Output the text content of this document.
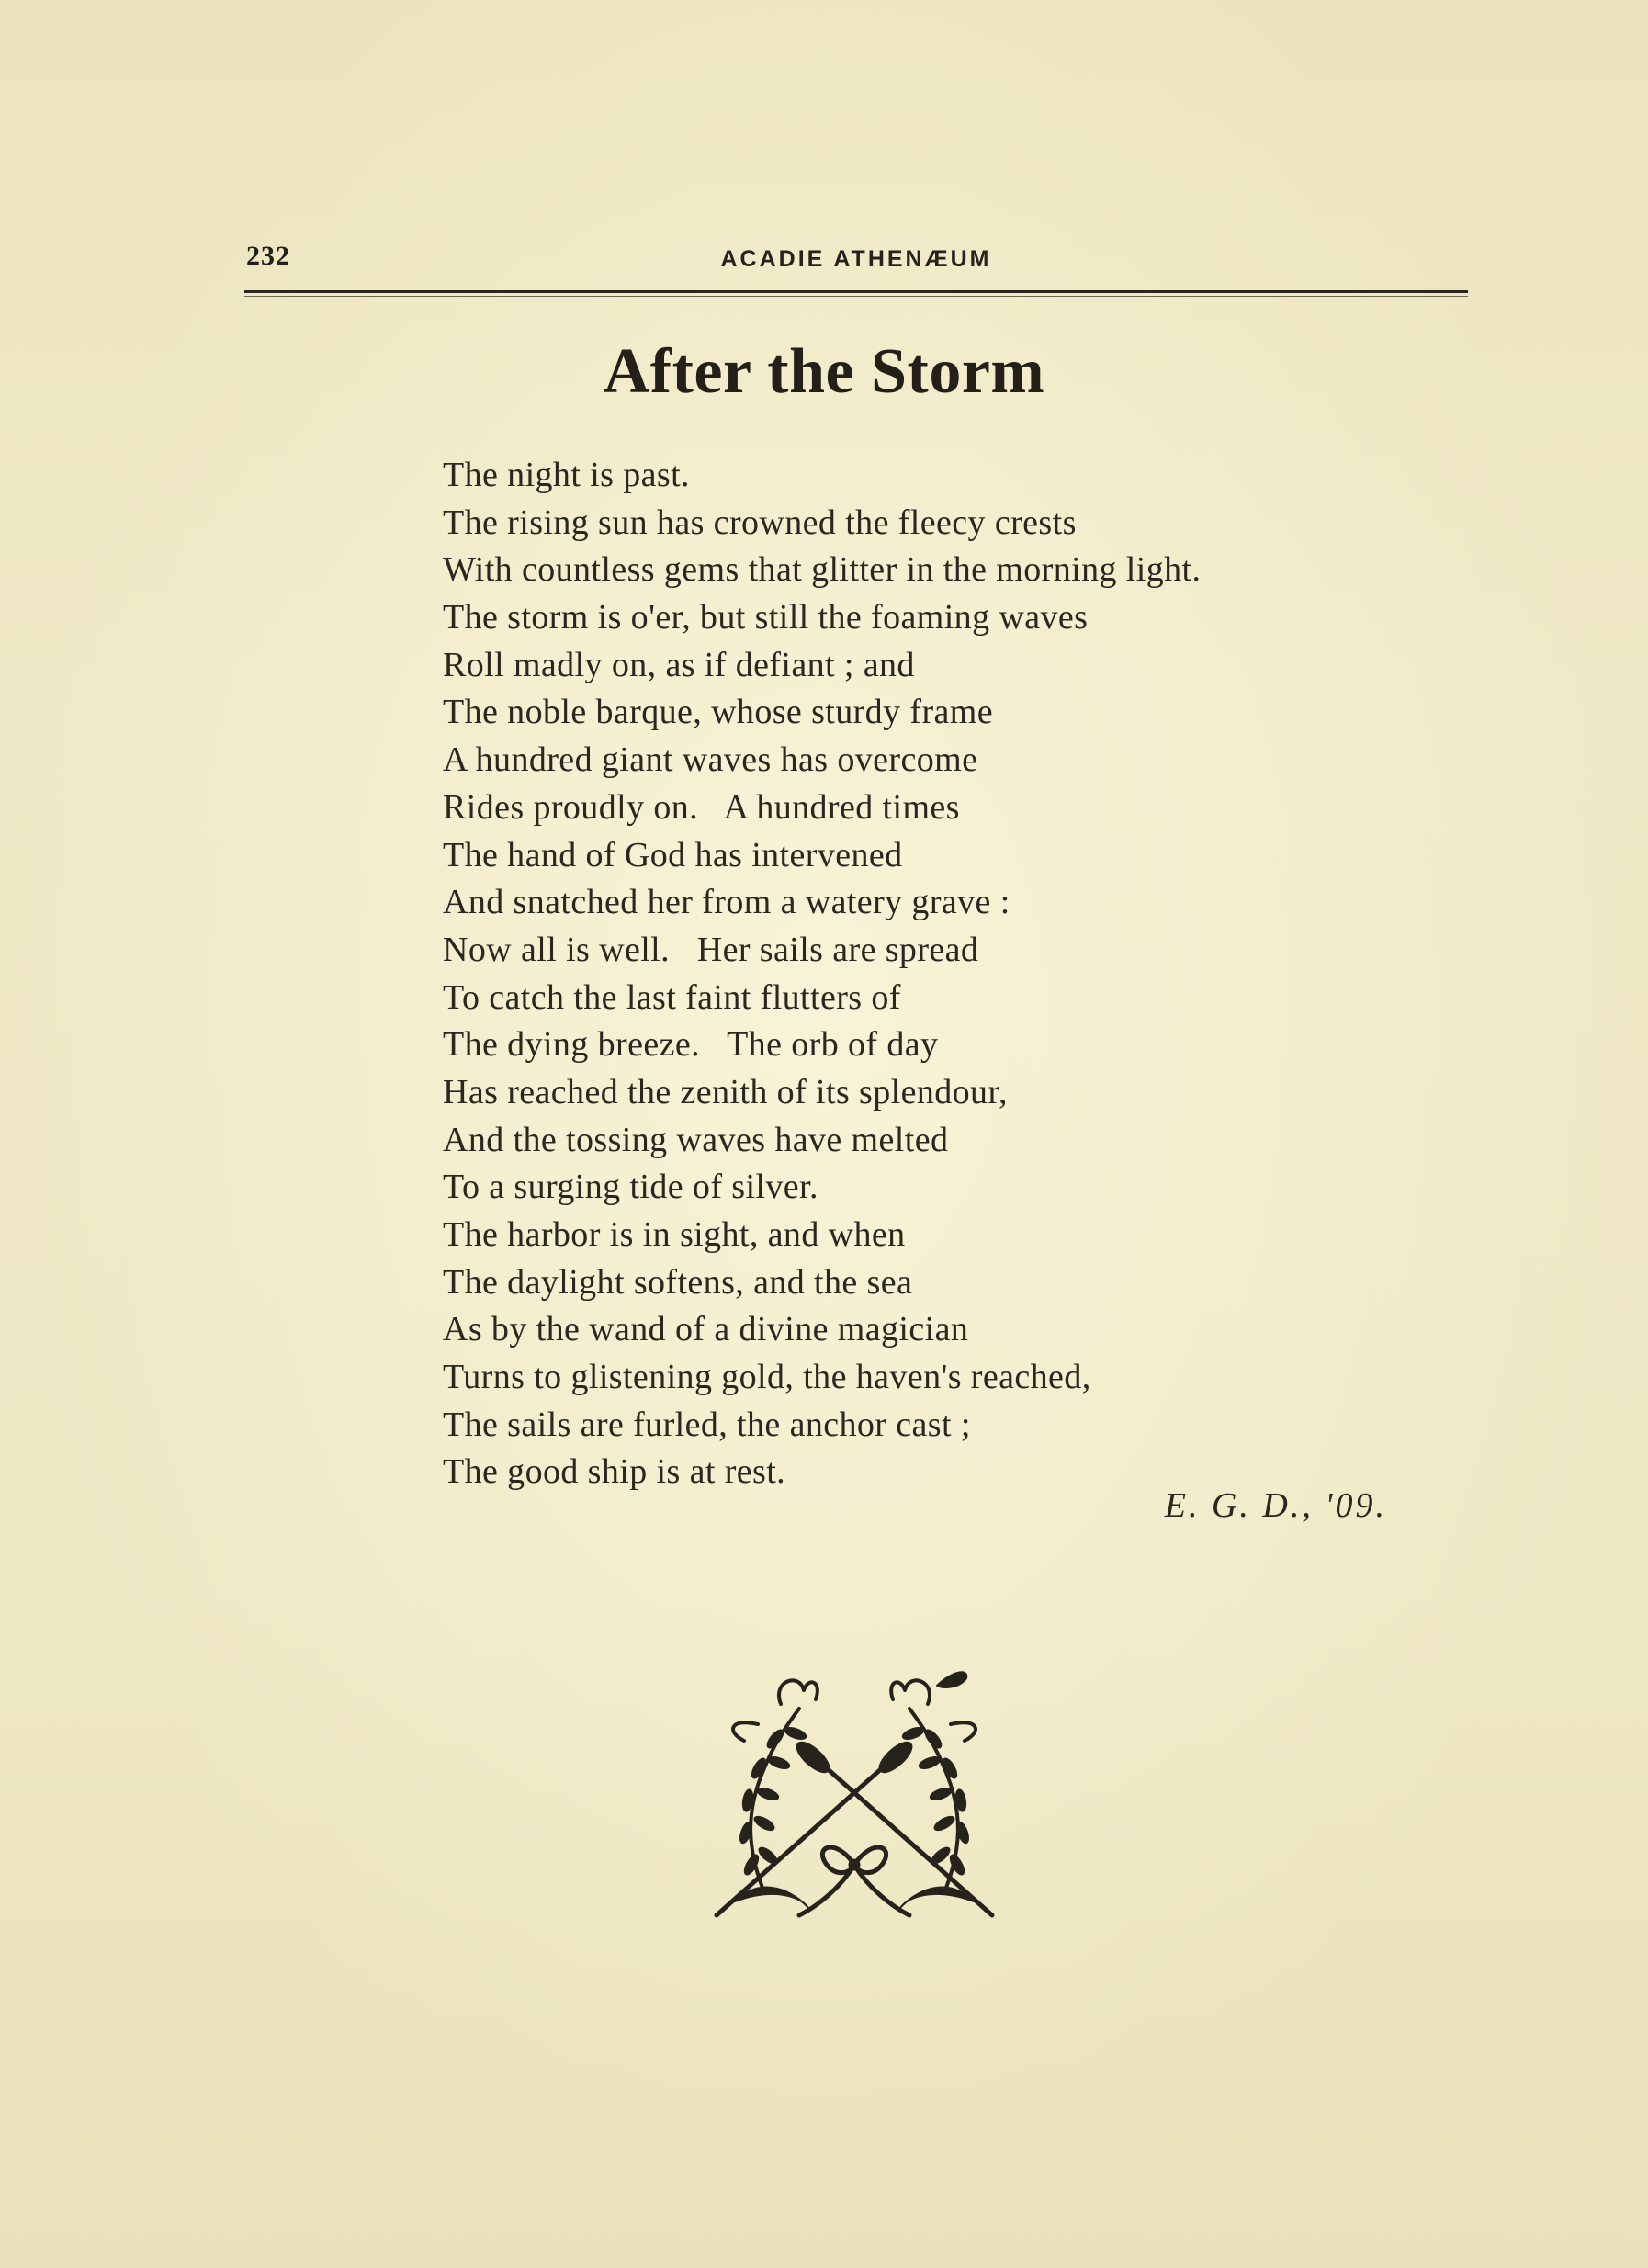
232	ACADIE ATHENÆUM
After the Storm
The night is past.
The rising sun has crowned the fleecy crests
With countless gems that glitter in the morning light.
The storm is o'er, but still the foaming waves
Roll madly on, as if defiant ; and
The noble barque, whose sturdy frame
A hundred giant waves has overcome
Rides proudly on.   A hundred times
The hand of God has intervened
And snatched her from a watery grave :
Now all is well.   Her sails are spread
To catch the last faint flutters of
The dying breeze.   The orb of day
Has reached the zenith of its splendour,
And the tossing waves have melted
To a surging tide of silver.
The harbor is in sight, and when
The daylight softens, and the sea
As by the wand of a divine magician
Turns to glistening gold, the haven's reached,
The sails are furled, the anchor cast ;
The good ship is at rest.
E. G. D., '09.
